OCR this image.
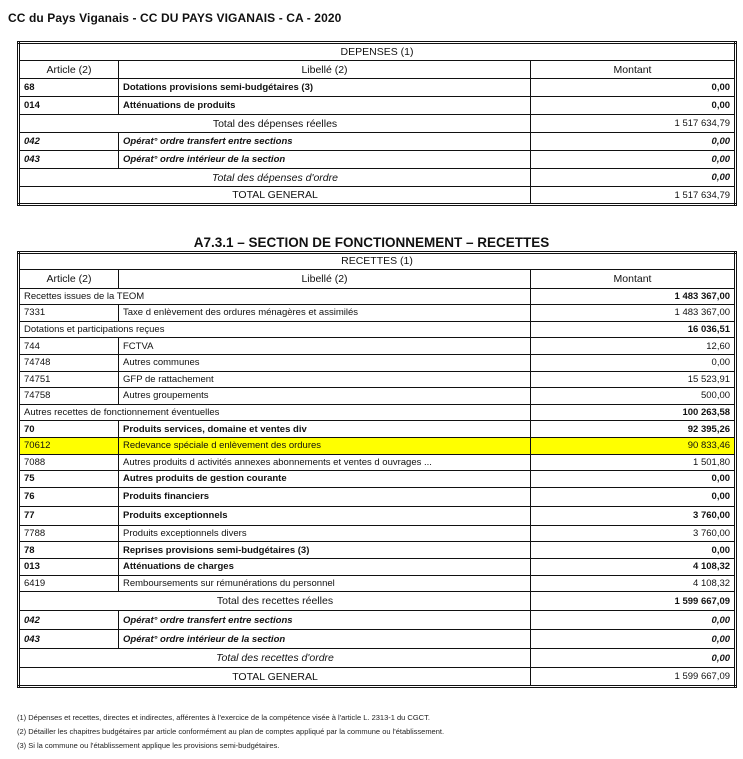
CC du Pays Viganais - CC DU PAYS VIGANAIS - CA - 2020
DEPENSES (1)		
Article (2)	Libellé (2)	Montant
68	Dotations provisions semi-budgétaires (3)	0,00
014	Atténuations de produits	0,00
Total des dépenses réelles		1 517 634,79
042	Opérat° ordre transfert entre sections	0,00
043	Opérat° ordre intérieur de la section	0,00
Total des dépenses d'ordre		0,00
TOTAL GENERAL		1 517 634,79
A7.3.1 – SECTION DE FONCTIONNEMENT – RECETTES
RECETTES (1)		
Article (2)	Libellé (2)	Montant
Recettes issues de la TEOM		1 483 367,00
7331	Taxe d enlèvement des ordures ménagères et assimilés	1 483 367,00
Dotations et participations reçues		16 036,51
744	FCTVA	12,60
74748	Autres communes	0,00
74751	GFP de rattachement	15 523,91
74758	Autres groupements	500,00
Autres recettes de fonctionnement éventuelles		100 263,58
70	Produits services, domaine et ventes div	92 395,26
70612	Redevance spéciale d enlèvement des ordures	90 833,46
7088	Autres produits d activités annexes abonnements et ventes d ouvrages ...	1 501,80
75	Autres produits de gestion courante	0,00
76	Produits financiers	0,00
77	Produits exceptionnels	3 760,00
7788	Produits exceptionnels divers	3 760,00
78	Reprises provisions semi-budgétaires (3)	0,00
013	Atténuations de charges	4 108,32
6419	Remboursements sur rémunérations du personnel	4 108,32
Total des recettes réelles		1 599 667,09
042	Opérat° ordre transfert entre sections	0,00
043	Opérat° ordre intérieur de la section	0,00
Total des recettes d'ordre		0,00
TOTAL GENERAL		1 599 667,09
(1) Dépenses et recettes, directes et indirectes, afférentes à l'exercice de la compétence visée à l'article L. 2313-1 du CGCT.
(2) Détailler les chapitres budgétaires par article conformément au plan de comptes appliqué par la commune ou l'établissement.
(3) Si la commune ou l'établissement applique les provisions semi-budgétaires.
